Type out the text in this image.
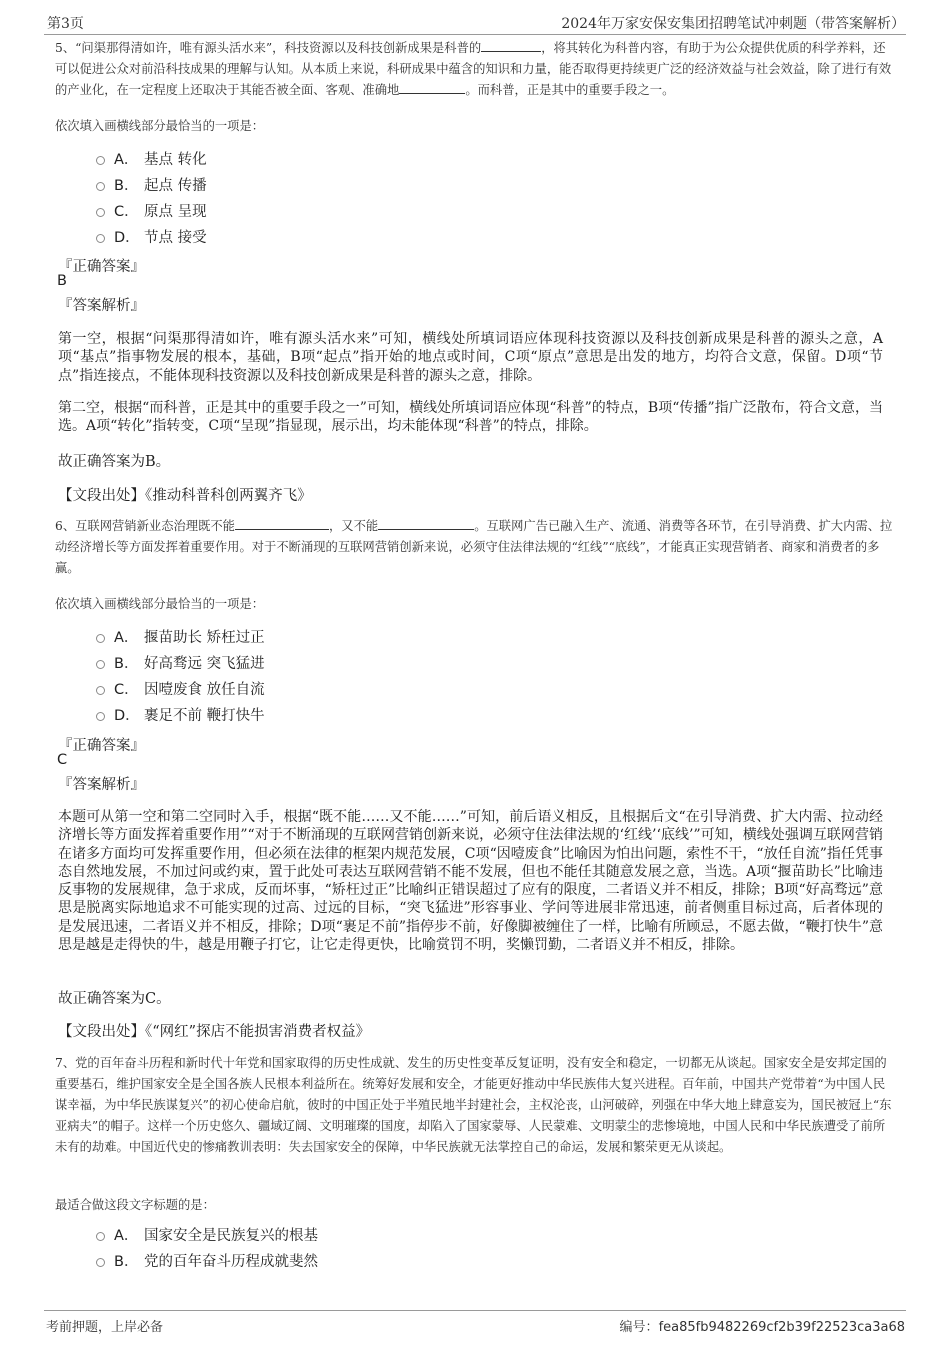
第3页	2024年万家安保安集团招聘笔试冲刺题（带答案解析）
5、“问渠那得清如许，唯有源头活水来”，科技资源以及科技创新成果是科普的	，将其转化为科普内容，有助于为公众提供优质的科学养料，还可以促进公众对前沿科技成果的理解与认知。从本质上来说，科研成果中蕴含的知识和力量，能否取得更持续更广泛的经济效益与社会效益，除了进行有效的产业化，在一定程度上还取决于其能否被全面、客观、准确地	。而科普，正是其中的重要手段之一。
依次填入画横线部分最恰当的一项是：
A． 基点 转化
B． 起点 传播
C． 原点 呈现
D． 节点 接受
『正确答案』
B
『答案解析』
第一空，根据“问渠那得清如许，唯有源头活水来”可知，横线处所填词语应体现科技资源以及科技创新成果是科普的源头之意，A项“基点”指事物发展的根本，基础，B项“起点”指开始的地点或时间，C项“原点”意思是出发的地方，均符合文意，保留。D项“节点”指连接点，不能体现科技资源以及科技创新成果是科普的源头之意，排除。
第二空，根据“而科普，正是其中的重要手段之一”可知，横线处所填词语应体现“科普”的特点，B项“传播”指广泛散布，符合文意，当选。A项“转化”指转变，C项“呈现”指显现，展示出，均未能体现“科普”的特点，排除。
故正确答案为B。
【文段出处】《推动科普科创两翼齐飞》
6、互联网营销新业态治理既不能	，又不能	。互联网广告已融入生产、流通、消费等各环节，在引导消费、扩大内需、拉动经济增长等方面发挥着重要作用。对于不断涌现的互联网营销创新来说，必须守住法律法规的“红线”“底线”，才能真正实现营销者、商家和消费者的多赢。
依次填入画横线部分最恰当的一项是：
A． 揠苗助长 矫枉过正
B． 好高骛远 突飞猛进
C． 因噎废食 放任自流
D． 裹足不前 鞭打快牛
『正确答案』
C
『答案解析』
本题可从第一空和第二空同时入手，根据“既不能……又不能……”可知，前后语义相反，且根据后文“在引导消费、扩大内需、拉动经济增长等方面发挥着重要作用”“对于不断涌现的互联网营销创新来说，必须守住法律法规的‘红线’‘底线’”可知，横线处强调互联网营销在诸多方面均可发挥重要作用，但必须在法律的框架内规范发展，C项“因噎废食”比喻因为怕出问题，索性不干，“放任自流”指任凭事态自然地发展，不加过问或约束，置于此处可表达互联网营销不能不发展，但也不能任其随意发展之意，当选。A项“揠苗助长”比喻违反事物的发展规律，急于求成，反而坏事，“矫枉过正”比喻纠正错误超过了应有的限度，二者语义并不相反，排除；B项“好高骛远”意思是脱离实际地追求不可能实现的过高、过远的目标，“突飞猛进”形容事业、学问等进展非常迅速，前者侧重目标过高，后者体现的是发展迅速，二者语义并不相反，排除；D项“裹足不前”指停步不前，好像脚被缠住了一样，比喻有所顾忌，不愿去做，“鞭打快牛”意思是越是走得快的牛，越是用鞭子打它，让它走得更快，比喻赏罚不明，奖懒罚勤，二者语义并不相反，排除。
故正确答案为C。
【文段出处】《“网红”探店不能损害消费者权益》
7、党的百年奋斗历程和新时代十年党和国家取得的历史性成就、发生的历史性变革反复证明，没有安全和稳定，一切都无从谈起。国家安全是安邦定国的重要基石，维护国家安全是全国各族人民根本利益所在。统筹好发展和安全，才能更好推动中华民族伟大复兴进程。百年前，中国共产党带着“为中国人民谋幸福，为中华民族谋复兴”的初心使命启航，彼时的中国正处于半殖民地半封建社会，主权沦丧，山河破碎，列强在中华大地上肆意妄为，国民被冠上“东亚病夫”的帽子。这样一个历史悠久、疆域辽阔、文明璀璨的国度，却陷入了国家蒙辱、人民蒙难、文明蒙尘的悲惨境地，中国人民和中华民族遭受了前所未有的劫难。中国近代史的惨痛教训表明：失去国家安全的保障，中华民族就无法掌控自己的命运，发展和繁荣更无从谈起。
最适合做这段文字标题的是：
A． 国家安全是民族复兴的根基
B． 党的百年奋斗历程成就斐然
考前押题，上岸必备	编号：fea85fb9482269cf2b39f22523ca3a68
